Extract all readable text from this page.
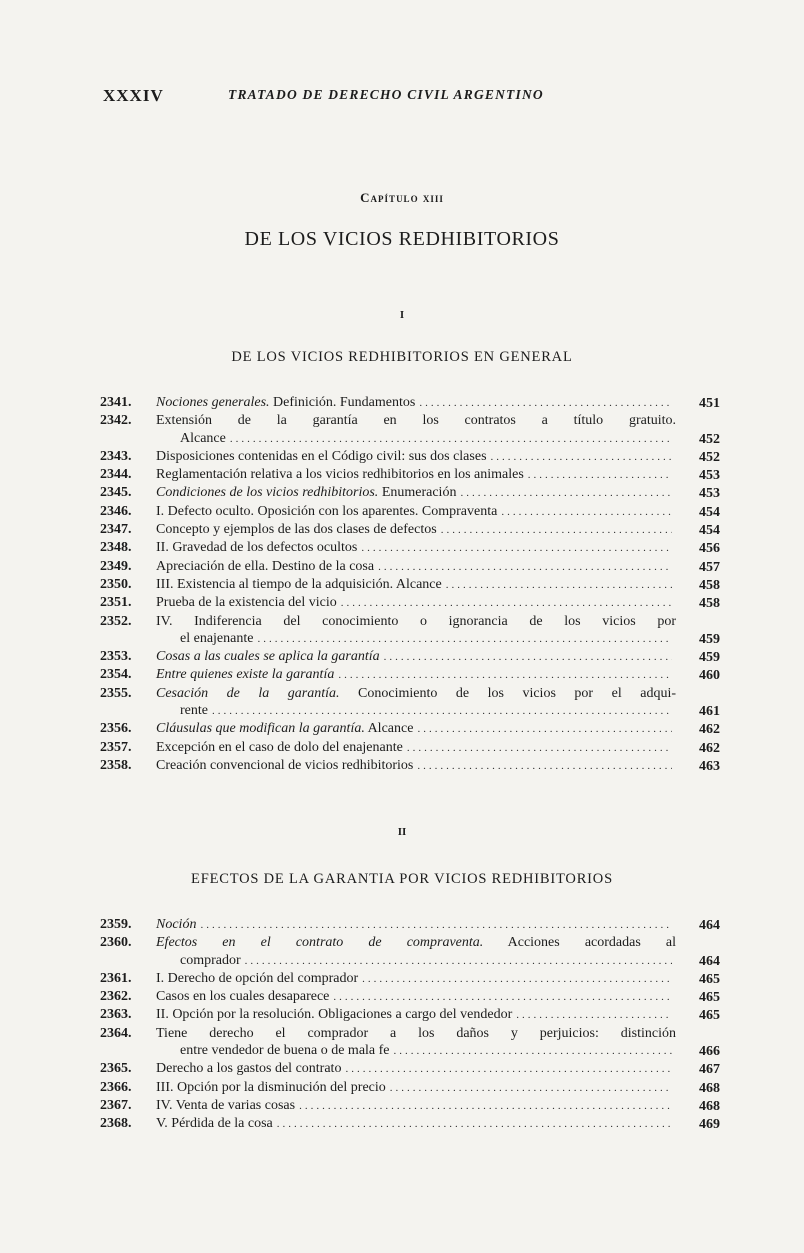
XXXIV	TRATADO DE DERECHO CIVIL ARGENTINO
Capítulo xiii
DE LOS VICIOS REDHIBITORIOS
I
DE LOS VICIOS REDHIBITORIOS EN GENERAL
2341.	Nociones generales. Definición. Fundamentos .....	451
2342.	Extensión de la garantía en los contratos a título gratuito.
Alcance .....	452
2343.	Disposiciones contenidas en el Código civil: sus dos clases .....	452
2344.	Reglamentación relativa a los vicios redhibitorios en los animales .....	453
2345.	Condiciones de los vicios redhibitorios. Enumeración .....	453
2346.	I. Defecto oculto. Oposición con los aparentes. Compraventa .....	454
2347.	Concepto y ejemplos de las dos clases de defectos .....	454
2348.	II. Gravedad de los defectos ocultos .....	456
2349.	Apreciación de ella. Destino de la cosa .....	457
2350.	III. Existencia al tiempo de la adquisición. Alcance .....	458
2351.	Prueba de la existencia del vicio .....	458
2352.	IV. Indiferencia del conocimiento o ignorancia de los vicios por
el enajenante .....	459
2353.	Cosas a las cuales se aplica la garantía .....	459
2354.	Entre quienes existe la garantía .....	460
2355.	Cesación de la garantía. Conocimiento de los vicios por el adqui-
rente .....	461
2356.	Cláusulas que modifican la garantía. Alcance .....	462
2357.	Excepción en el caso de dolo del enajenante .....	462
2358.	Creación convencional de vicios redhibitorios .....	463
II
EFECTOS DE LA GARANTIA POR VICIOS REDHIBITORIOS
2359.	Noción .....	464
2360.	Efectos en el contrato de compraventa. Acciones acordadas al
comprador .....	464
2361.	I. Derecho de opción del comprador .....	465
2362.	Casos en los cuales desaparece .....	465
2363.	II. Opción por la resolución. Obligaciones a cargo del vendedor .....	465
2364.	Tiene derecho el comprador a los daños y perjuicios: distinción
entre vendedor de buena o de mala fe .....	466
2365.	Derecho a los gastos del contrato .....	467
2366.	III. Opción por la disminución del precio .....	468
2367.	IV. Venta de varias cosas .....	468
2368.	V. Pérdida de la cosa .....	469
